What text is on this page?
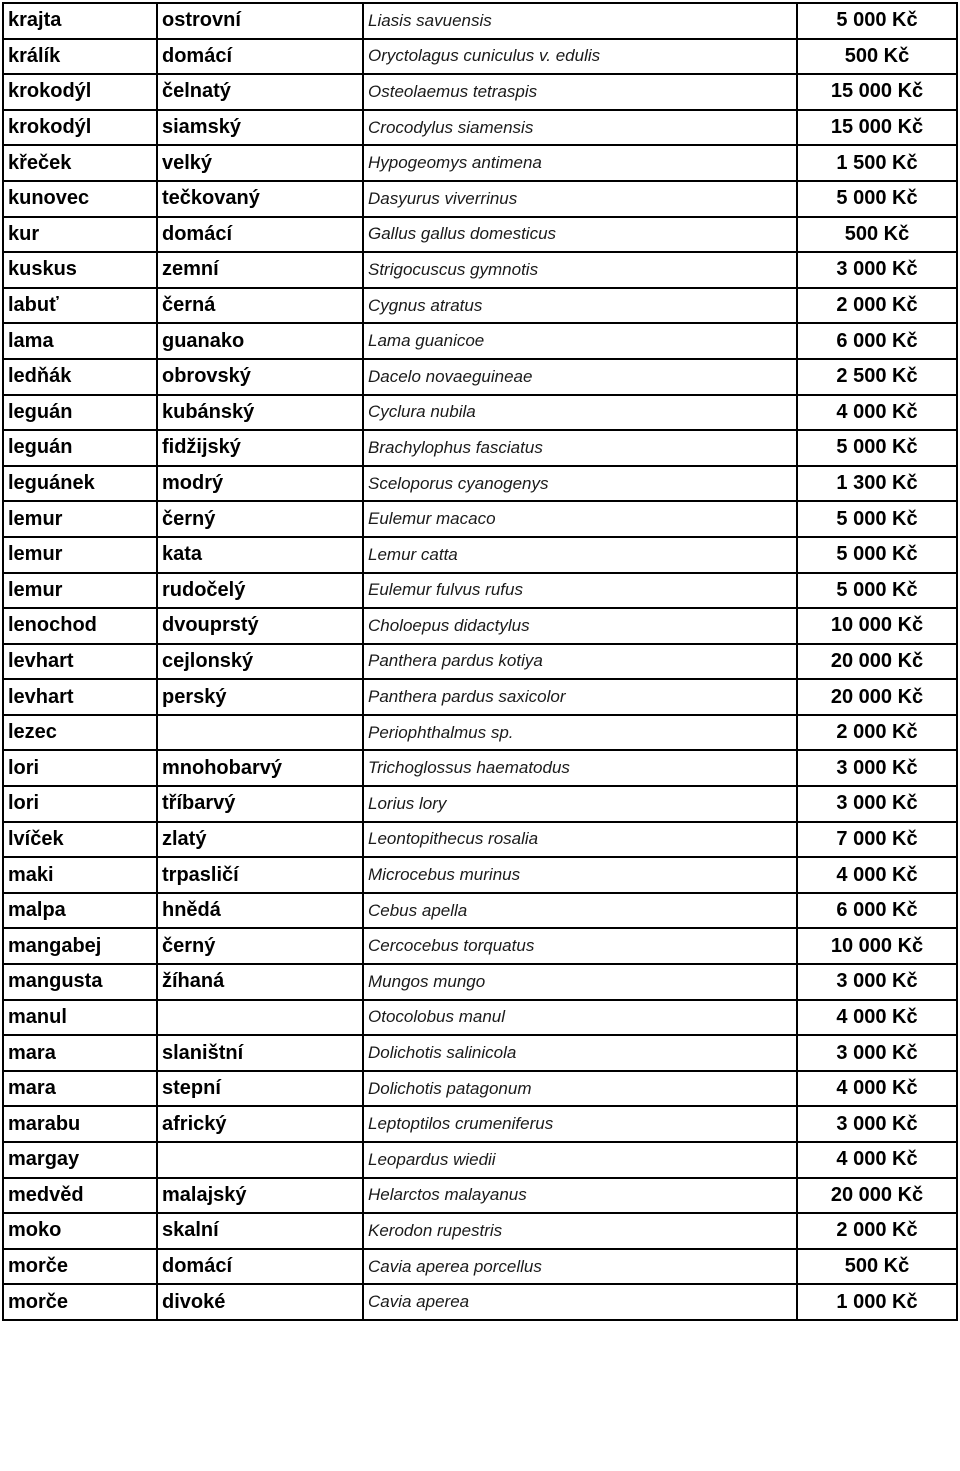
krajta	ostrovní	Liasis savuensis	5 000 Kč
králík	domácí	Oryctolagus cuniculus v. edulis	500 Kč
krokodýl	čelnatý	Osteolaemus tetraspis	15 000 Kč
krokodýl	siamský	Crocodylus siamensis	15 000 Kč
křeček	velký	Hypogeomys antimena	1 500 Kč
kunovec	tečkovaný	Dasyurus viverrinus	5 000 Kč
kur	domácí	Gallus gallus domesticus	500 Kč
kuskus	zemní	Strigocuscus gymnotis	3 000 Kč
labuť	černá	Cygnus atratus	2 000 Kč
lama	guanako	Lama guanicoe	6 000 Kč
ledňák	obrovský	Dacelo novaeguineae	2 500 Kč
leguán	kubánský	Cyclura nubila	4 000 Kč
leguán	fidžijský	Brachylophus fasciatus	5 000 Kč
leguánek	modrý	Sceloporus cyanogenys	1 300 Kč
lemur	černý	Eulemur macaco	5 000 Kč
lemur	kata	Lemur catta	5 000 Kč
lemur	rudočelý	Eulemur fulvus rufus	5 000 Kč
lenochod	dvouprstý	Choloepus didactylus	10 000 Kč
levhart	cejlonský	Panthera pardus kotiya	20 000 Kč
levhart	perský	Panthera pardus saxicolor	20 000 Kč
lezec		Periophthalmus sp.	2 000 Kč
lori	mnohobarvý	Trichoglossus haematodus	3 000 Kč
lori	tříbarvý	Lorius lory	3 000 Kč
lvíček	zlatý	Leontopithecus rosalia	7 000 Kč
maki	trpasličí	Microcebus murinus	4 000 Kč
malpa	hnědá	Cebus apella	6 000 Kč
mangabej	černý	Cercocebus torquatus	10 000 Kč
mangusta	žíhaná	Mungos mungo	3 000 Kč
manul		Otocolobus manul	4 000 Kč
mara	slaništní	Dolichotis salinicola	3 000 Kč
mara	stepní	Dolichotis patagonum	4 000 Kč
marabu	africký	Leptoptilos crumeniferus	3 000 Kč
margay		Leopardus wiedii	4 000 Kč
medvěd	malajský	Helarctos malayanus	20 000 Kč
moko	skalní	Kerodon rupestris	2 000 Kč
morče	domácí	Cavia aperea porcellus	500 Kč
morče	divoké	Cavia aperea	1 000 Kč
